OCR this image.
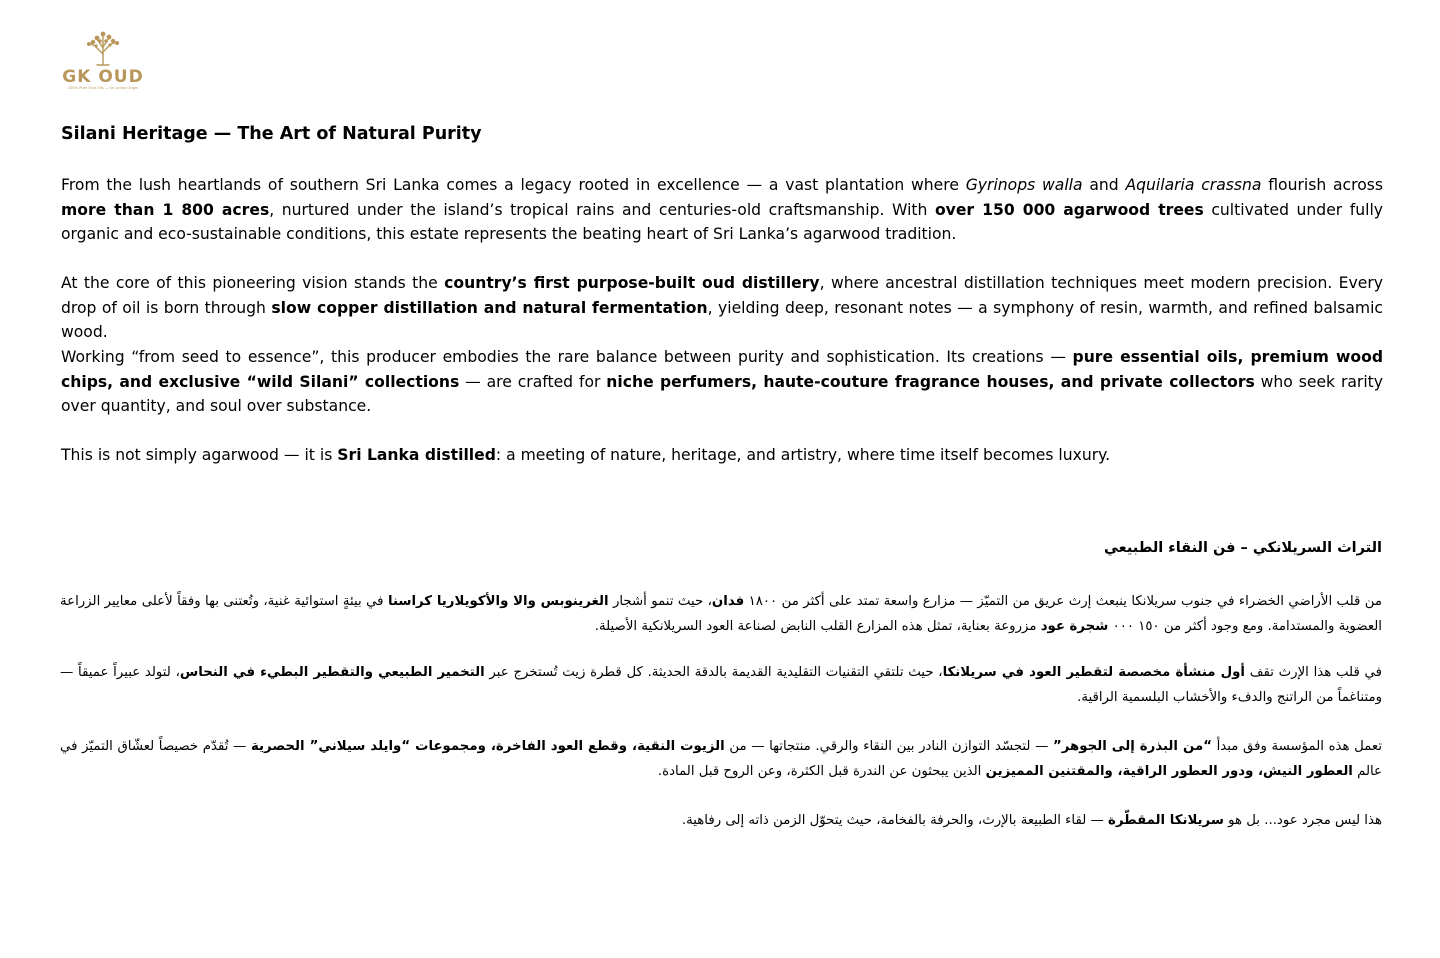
GK OUD
100% Pure Oud Oils — Sri Lanka Origin
Silani Heritage — The Art of Natural Purity

From the lush heartlands of southern Sri Lanka comes a legacy rooted in excellence — a vast plantation where Gyrinops walla and Aquilaria crassna flourish across more than 1 800 acres, nurtured under the island’s tropical rains and centuries-old craftsmanship. With over 150 000 agarwood trees cultivated under fully organic and eco-sustainable conditions, this estate represents the beating heart of Sri Lanka’s agarwood tradition.

At the core of this pioneering vision stands the country’s first purpose-built oud distillery, where ancestral distillation techniques meet modern precision. Every drop of oil is born through slow copper distillation and natural fermentation, yielding deep, resonant notes — a symphony of resin, warmth, and refined balsamic wood.

Working “from seed to essence”, this producer embodies the rare balance between purity and sophistication. Its creations — pure essential oils, premium wood chips, and exclusive “wild Silani” collections — are crafted for niche perfumers, haute-couture fragrance houses, and private collectors who seek rarity over quantity, and soul over substance.

This is not simply agarwood — it is Sri Lanka distilled: a meeting of nature, heritage, and artistry, where time itself becomes luxury.

التراث السريلانكي – فن النقاء الطبيعي

من قلب الأراضي الخضراء في جنوب سريلانكا ينبعث إرث عريق من التميّز — مزارع واسعة تمتد على أكثر من ١٨٠٠ فدان، حيث تنمو أشجار الغرينوبس والا والأكويلاريا كراسنا في بيئةٍ استوائية غنية، وتُعتنى بها وفقاً لأعلى معايير الزراعة العضوية والمستدامة. ومع وجود أكثر من ١٥٠ ٠٠٠ شجرة عود مزروعة بعناية، تمثل هذه المزارع القلب النابض لصناعة العود السريلانكية الأصيلة.

في قلب هذا الإرث تقف أول منشأة مخصصة لتقطير العود في سريلانكا، حيث تلتقي التقنيات التقليدية القديمة بالدقة الحديثة. كل قطرة زيت تُستخرج عبر التخمير الطبيعي والتقطير البطيء في النحاس، لتولد عبيراً عميقاً — ومتناغماً من الراتنج والدفء والأخشاب البلسمية الراقية.

تعمل هذه المؤسسة وفق مبدأ “من البذرة إلى الجوهر” — لتجسّد التوازن النادر بين النقاء والرقي. منتجاتها — من الزيوت النقية، وقطع العود الفاخرة، ومجموعات “وايلد سيلاني” الحصرية — تُقدّم خصيصاً لعشّاق التميّز في عالم العطور النيش، ودور العطور الراقية، والمقتنين المميزين الذين يبحثون عن الندرة قبل الكثرة، وعن الروح قبل المادة.

هذا ليس مجرد عود... بل هو سريلانكا المقطّرة — لقاء الطبيعة بالإرث، والحرفة بالفخامة، حيث يتحوّل الزمن ذاته إلى رفاهية.
